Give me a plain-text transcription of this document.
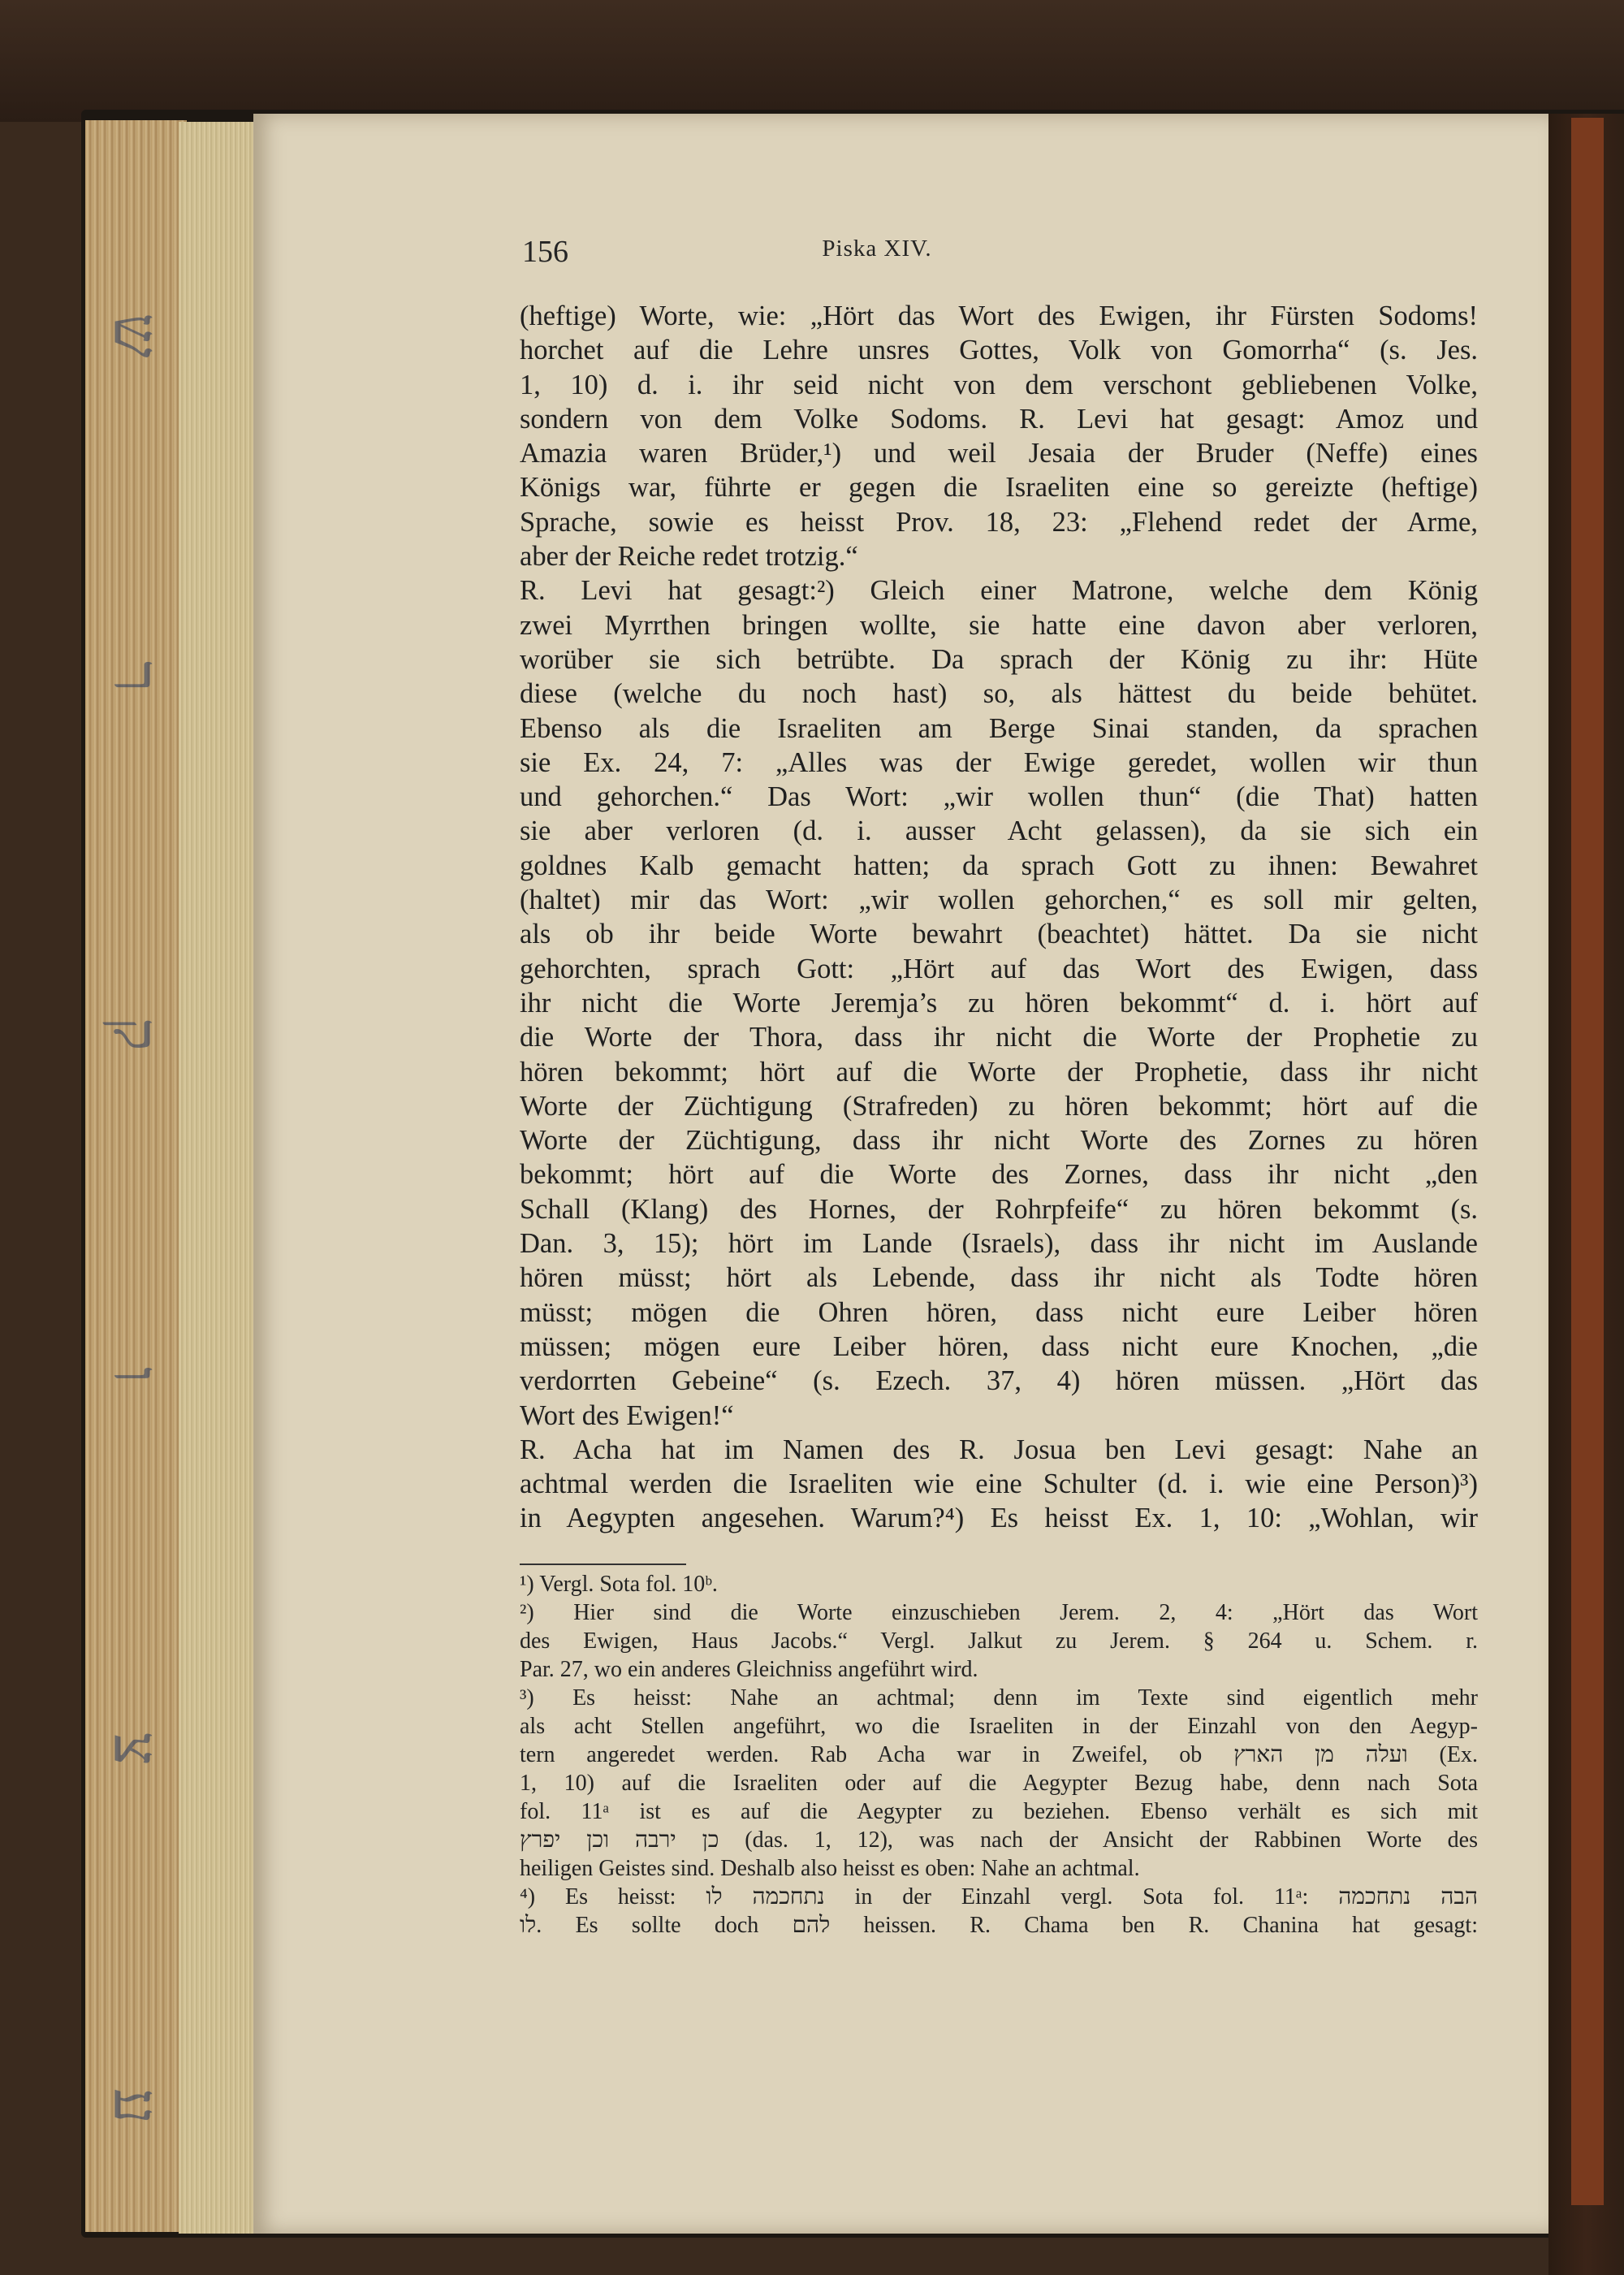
ש
ר
ק
ו
צ
ע
156	Piska XIV.
(heftige) Worte, wie: „Hört das Wort des Ewigen, ihr Fürsten Sodoms!
horchet auf die Lehre unsres Gottes, Volk von Gomorrha“ (s. Jes.
1, 10) d. i. ihr seid nicht von dem verschont gebliebenen Volke,
sondern von dem Volke Sodoms. R. Levi hat gesagt: Amoz und
Amazia waren Brüder,¹) und weil Jesaia der Bruder (Neffe) eines
Königs war, führte er gegen die Israeliten eine so gereizte (heftige)
Sprache, sowie es heisst Prov. 18, 23: „Flehend redet der Arme,
aber der Reiche redet trotzig.“
R. Levi hat gesagt:²) Gleich einer Matrone, welche dem König
zwei Myrrthen bringen wollte, sie hatte eine davon aber verloren,
worüber sie sich betrübte. Da sprach der König zu ihr: Hüte
diese (welche du noch hast) so, als hättest du beide behütet.
Ebenso als die Israeliten am Berge Sinai standen, da sprachen
sie Ex. 24, 7: „Alles was der Ewige geredet, wollen wir thun
und gehorchen.“ Das Wort: „wir wollen thun“ (die That) hatten
sie aber verloren (d. i. ausser Acht gelassen), da sie sich ein
goldnes Kalb gemacht hatten; da sprach Gott zu ihnen: Bewahret
(haltet) mir das Wort: „wir wollen gehorchen,“ es soll mir gelten,
als ob ihr beide Worte bewahrt (beachtet) hättet. Da sie nicht
gehorchten, sprach Gott: „Hört auf das Wort des Ewigen, dass
ihr nicht die Worte Jeremja’s zu hören bekommt“ d. i. hört auf
die Worte der Thora, dass ihr nicht die Worte der Prophetie zu
hören bekommt; hört auf die Worte der Prophetie, dass ihr nicht
Worte der Züchtigung (Strafreden) zu hören bekommt; hört auf die
Worte der Züchtigung, dass ihr nicht Worte des Zornes zu hören
bekommt; hört auf die Worte des Zornes, dass ihr nicht „den
Schall (Klang) des Hornes, der Rohrpfeife“ zu hören bekommt (s.
Dan. 3, 15); hört im Lande (Israels), dass ihr nicht im Auslande
hören müsst; hört als Lebende, dass ihr nicht als Todte hören
müsst; mögen die Ohren hören, dass nicht eure Leiber hören
müssen; mögen eure Leiber hören, dass nicht eure Knochen, „die
verdorrten Gebeine“ (s. Ezech. 37, 4) hören müssen. „Hört das
Wort des Ewigen!“
R. Acha hat im Namen des R. Josua ben Levi gesagt: Nahe an
achtmal werden die Israeliten wie eine Schulter (d. i. wie eine Person)³)
in Aegypten angesehen. Warum?⁴) Es heisst Ex. 1, 10: „Wohlan, wir
¹) Vergl. Sota fol. 10ᵇ.
²) Hier sind die Worte einzuschieben Jerem. 2, 4: „Hört das Wort
des Ewigen, Haus Jacobs.“ Vergl. Jalkut zu Jerem. § 264 u. Schem. r.
Par. 27, wo ein anderes Gleichniss angeführt wird.
³) Es heisst: Nahe an achtmal; denn im Texte sind eigentlich mehr
als acht Stellen angeführt, wo die Israeliten in der Einzahl von den Aegyp-
tern angeredet werden. Rab Acha war in Zweifel, ob ועלה מן הארץ (Ex.
1, 10) auf die Israeliten oder auf die Aegypter Bezug habe, denn nach Sota
fol. 11ᵃ ist es auf die Aegypter zu beziehen. Ebenso verhält es sich mit
כן ירבה וכן יפרץ (das. 1, 12), was nach der Ansicht der Rabbinen Worte des
heiligen Geistes sind. Deshalb also heisst es oben: Nahe an achtmal.
⁴) Es heisst: נתחכמה לו in der Einzahl vergl. Sota fol. 11ᵃ: הבה נתחכמה
לו. Es sollte doch להם heissen. R. Chama ben R. Chanina hat gesagt:
